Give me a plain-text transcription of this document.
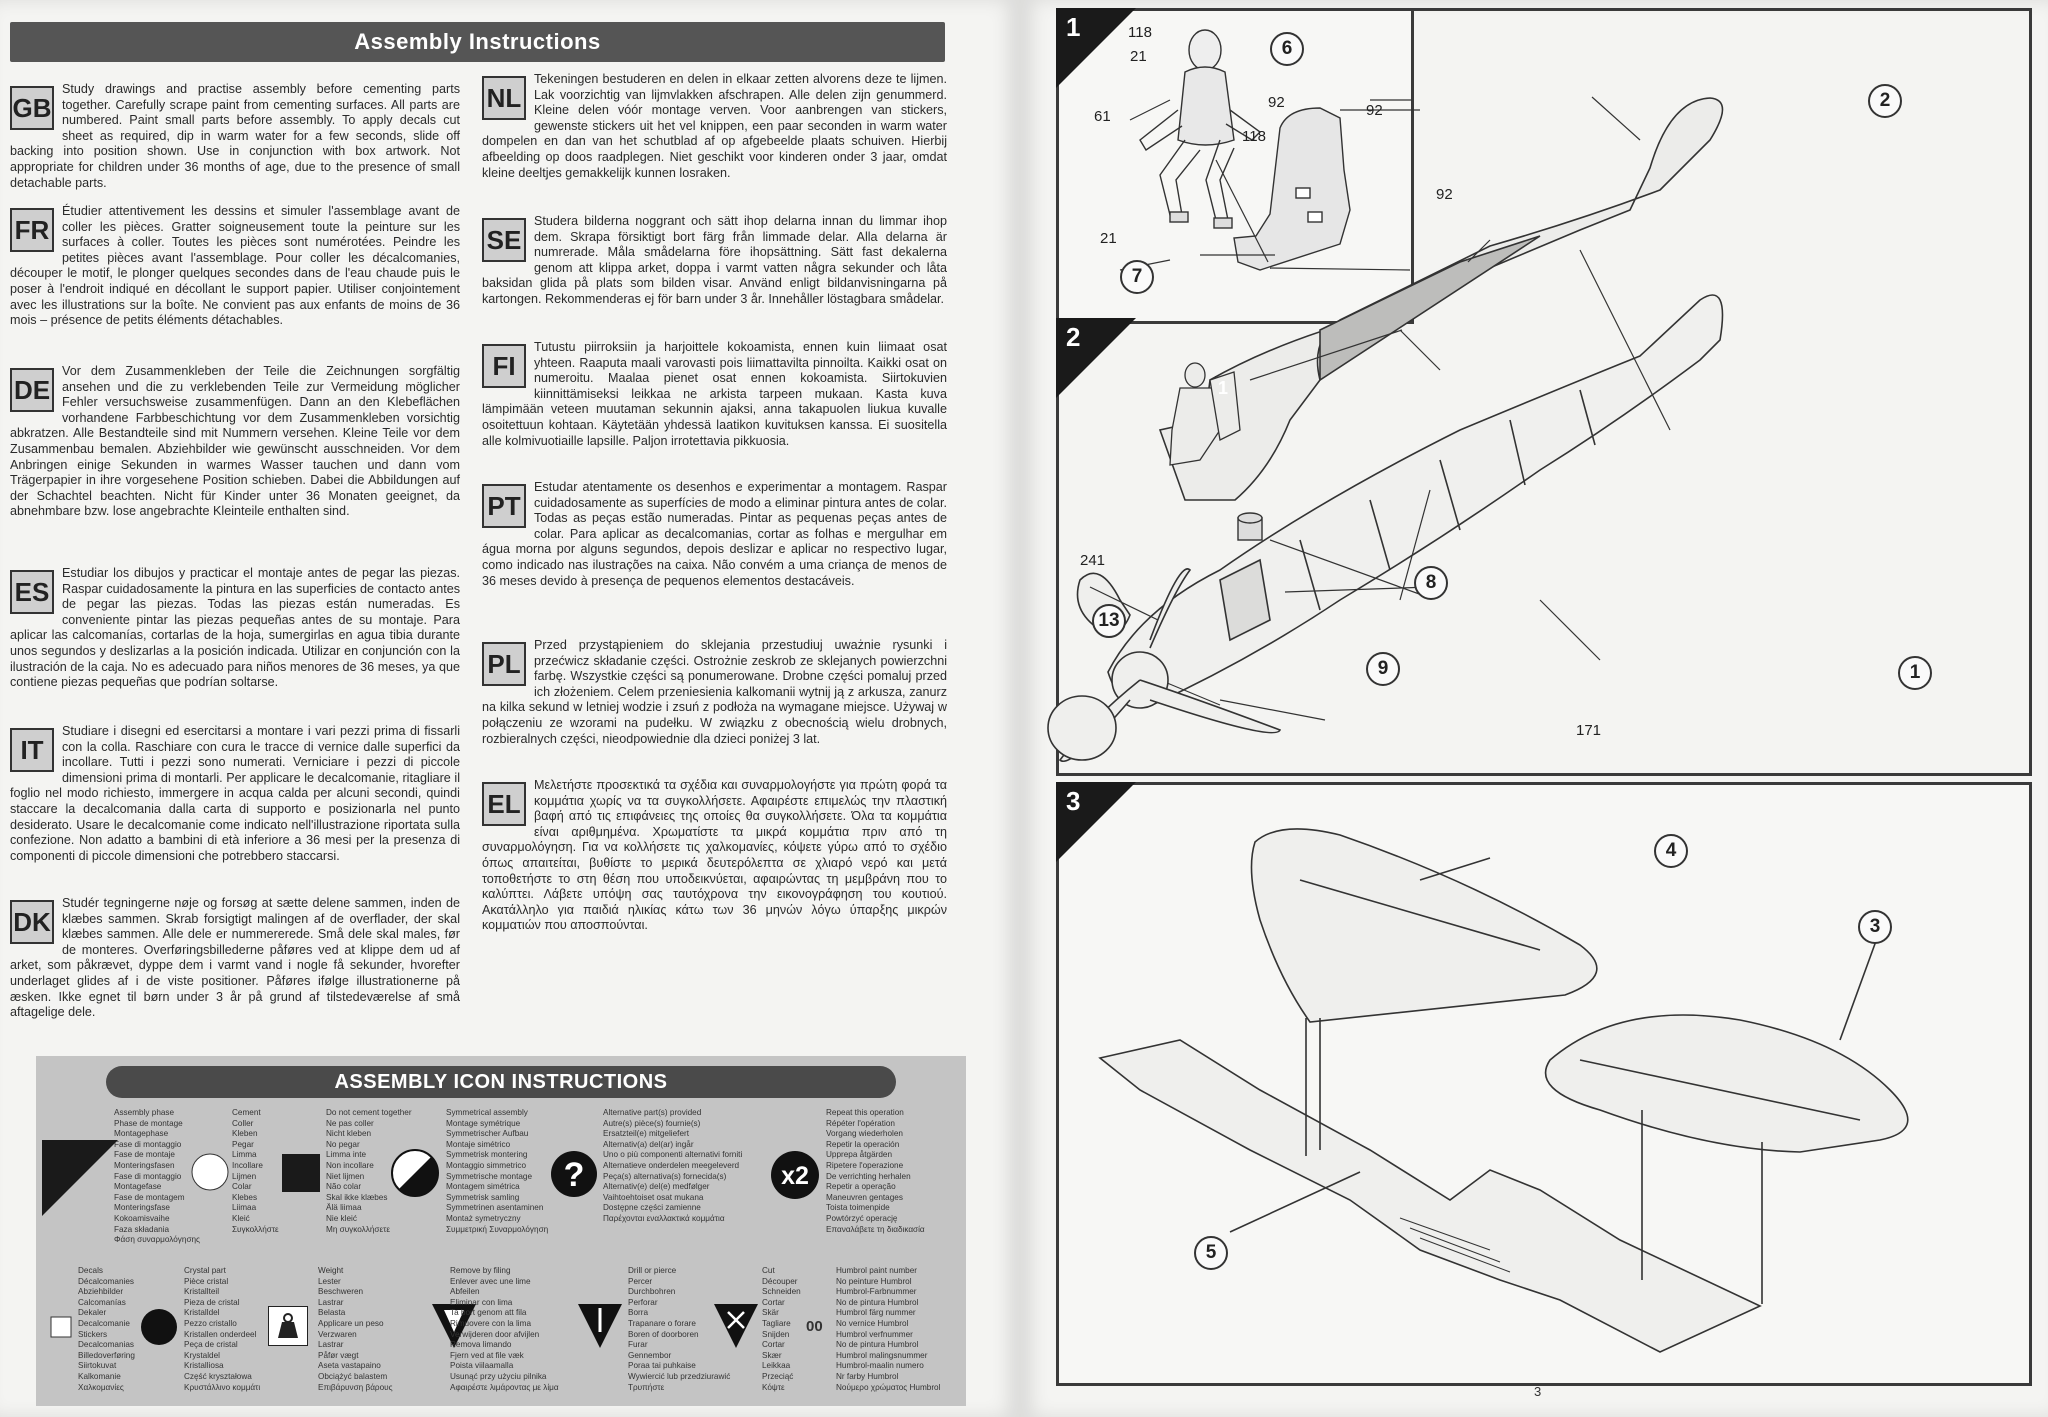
Assembly Instructions
GB
Study drawings and practise assembly before cementing parts together. Carefully scrape paint from cementing surfaces. All parts are numbered. Paint small parts before assembly. To apply decals cut sheet as required, dip in warm water for a few seconds, slide off backing into position shown. Use in conjunction with box artwork. Not appropriate for children under 36 months of age, due to the presence of small detachable parts.
FR
Étudier attentivement les dessins et simuler l'assemblage avant de coller les pièces. Gratter soigneusement toute la peinture sur les surfaces à coller. Toutes les pièces sont numérotées. Peindre les petites pièces avant l'assemblage. Pour coller les décalcomanies, découper le motif, le plonger quelques secondes dans de l'eau chaude puis le poser à l'endroit indiqué en décollant le support papier. Utiliser conjointement avec les illustrations sur la boîte. Ne convient pas aux enfants de moins de 36 mois – présence de petits éléments détachables.
DE
Vor dem Zusammenkleben der Teile die Zeichnungen sorgfältig ansehen und die zu verklebenden Teile zur Vermeidung möglicher Fehler versuchsweise zusammenfügen. Dann an den Klebeflächen vorhandene Farbbeschichtung vor dem Zusammenkleben vorsichtig abkratzen. Alle Bestandteile sind mit Nummern versehen. Kleine Teile vor dem Zusammenbau bemalen. Abziehbilder wie gewünscht ausschneiden. Vor dem Anbringen einige Sekunden in warmes Wasser tauchen und dann vom Trägerpapier in ihre vorgesehene Position schieben. Dabei die Abbildungen auf der Schachtel beachten. Nicht für Kinder unter 36 Monaten geeignet, da abnehmbare bzw. lose angebrachte Kleinteile enthalten sind.
ES
Estudiar los dibujos y practicar el montaje antes de pegar las piezas. Raspar cuidadosamente la pintura en las superficies de contacto antes de pegar las piezas. Todas las piezas están numeradas. Es conveniente pintar las piezas pequeñas antes de su montaje. Para aplicar las calcomanías, cortarlas de la hoja, sumergirlas en agua tibia durante unos segundos y deslizarlas a la posición indicada. Utilizar en conjunción con la ilustración de la caja. No es adecuado para niños menores de 36 meses, ya que contiene piezas pequeñas que podrían soltarse.
IT
Studiare i disegni ed esercitarsi a montare i vari pezzi prima di fissarli con la colla. Raschiare con cura le tracce di vernice dalle superfici da incollare. Tutti i pezzi sono numerati. Verniciare i pezzi di piccole dimensioni prima di montarli. Per applicare le decalcomanie, ritagliare il foglio nel modo richiesto, immergere in acqua calda per alcuni secondi, quindi staccare la decalcomania dalla carta di supporto e posizionarla nel punto desiderato. Usare le decalcomanie come indicato nell'illustrazione riportata sulla confezione. Non adatto a bambini di età inferiore a 36 mesi per la presenza di componenti di piccole dimensioni che potrebbero staccarsi.
DK
Studér tegningerne nøje og forsøg at sætte delene sammen, inden de klæbes sammen. Skrab forsigtigt malingen af de overflader, der skal klæbes sammen. Alle dele er nummererede. Små dele skal males, før de monteres. Overføringsbillederne påføres ved at klippe dem ud af arket, som påkrævet, dyppe dem i varmt vand i nogle få sekunder, hvorefter underlaget glides af i de viste positioner. Påføres ifølge illustrationerne på æsken. Ikke egnet til børn under 3 år på grund af tilstedeværelse af små aftagelige dele.
NL
Tekeningen bestuderen en delen in elkaar zetten alvorens deze te lijmen. Lak voorzichtig van lijmvlakken afschrapen. Alle delen zijn genummerd. Kleine delen vóór montage verven. Voor aanbrengen van stickers, gewenste stickers uit het vel knippen, een paar seconden in warm water dompelen en dan van het schutblad af op afgebeelde plaats schuiven. Hierbij afbeelding op doos raadplegen. Niet geschikt voor kinderen onder 3 jaar, omdat kleine deeltjes gemakkelijk kunnen losraken.
SE
Studera bilderna noggrant och sätt ihop delarna innan du limmar ihop dem. Skrapa försiktigt bort färg från limmade delar. Alla delarna är numrerade. Måla smådelarna före ihopsättning. Sätt fast dekalerna genom att klippa arket, doppa i varmt vatten några sekunder och låta baksidan glida på plats som bilden visar. Använd enligt bildanvisningarna på kartongen. Rekommenderas ej för barn under 3 år. Innehåller löstagbara smådelar.
FI
Tutustu piirroksiin ja harjoittele kokoamista, ennen kuin liimaat osat yhteen. Raaputa maali varovasti pois liimattavilta pinnoilta. Kaikki osat on numeroitu. Maalaa pienet osat ennen kokoamista. Siirtokuvien kiinnittämiseksi leikkaa ne arkista tarpeen mukaan. Kasta kuva lämpimään veteen muutaman sekunnin ajaksi, anna takapuolen liukua kuvalle osoitettuun kohtaan. Käytetään yhdessä laatikon kuvituksen kanssa. Ei suositella alle kolmivuotiaille lapsille. Paljon irrotettavia pikkuosia.
PT
Estudar atentamente os desenhos e experimentar a montagem. Raspar cuidadosamente as superfícies de modo a eliminar pintura antes de colar. Todas as peças estão numeradas. Pintar as pequenas peças antes de colar. Para aplicar as decalcomanias, cortar as folhas e mergulhar em água morna por alguns segundos, depois deslizar e aplicar no respectivo lugar, como indicado nas ilustrações na caixa. Não convém a uma criança de menos de 36 meses devido à presença de pequenos elementos destacáveis.
PL
Przed przystąpieniem do sklejania przestudiuj uważnie rysunki i przećwicz składanie części. Ostrożnie zeskrob ze sklejanych powierzchni farbę. Wszystkie części są ponumerowane. Drobne części pomaluj przed ich złożeniem. Celem przeniesienia kalkomanii wytnij ją z arkusza, zanurz na kilka sekund w letniej wodzie i zsuń z podłoża na wymagane miejsce. Używaj w połączeniu ze wzorami na pudełku. W związku z obecnością wielu drobnych, rozbieralnych części, nieodpowiednie dla dzieci poniżej 3 lat.
EL
Μελετήστε προσεκτικά τα σχέδια και συναρμολογήστε για πρώτη φορά τα κομμάτια χωρίς να τα συγκολλήσετε. Αφαιρέστε επιμελώς την πλαστική βαφή από τις επιφάνειες της οποίες θα συγκολλήσετε. Όλα τα κομμάτια είναι αριθμημένα. Χρωματίστε τα μικρά κομμάτια πριν από τη συναρμολόγηση. Για να κολλήσετε τις χαλκομανίες, κόψετε γύρω από το σχέδιο όπως απαιτείται, βυθίστε το μερικά δευτερόλεπτα σε χλιαρό νερό και μετά τοποθετήστε το στη θέση που υποδεικνύεται, αφαιρώντας τη μεμβράνη που το καλύπτει. Λάβετε υπόψη σας ταυτόχρονα την εικονογράφηση του κουτιού. Ακατάλληλο για παιδιά ηλικίας κάτω των 36 μηνών λόγω ύπαρξης μικρών κομματιών που αποσπούνται.
ASSEMBLY ICON INSTRUCTIONS
Assembly phase
Phase de montage
Montagephase
Fase di montaggio
Fase de montaje
Monteringsfasen
Fase di montaggio
Montagefase
Fase de montagem
Monteringsfase
Kokoamisvaihe
Faza składania
Φάση συναρμολόγησης
Cement
Coller
Kleben
Pegar
Limma
Incollare
Lijmen
Colar
Klebes
Liimaa
Kleić
Συγκολλήστε
Do not cement together
Ne pas coller
Nicht kleben
No pegar
Limma inte
Non incollare
Niet lijmen
Não colar
Skal ikke klæbes
Älä liimaa
Nie kleić
Μη συγκολλήσετε
Symmetrical assembly
Montage symétrique
Symmetrischer Aufbau
Montaje simétrico
Symmetrisk montering
Montaggio simmetrico
Symmetrische montage
Montagem simétrica
Symmetrisk samling
Symmetrinen asentaminen
Montaż symetryczny
Συμμετρική Συναρμολόγηση
Alternative part(s) provided
Autre(s) pièce(s) fournie(s)
Ersatzteil(e) mitgeliefert
Alternativ(a) del(ar) ingår
Uno o più componenti alternativi forniti
Alternatieve onderdelen meegeleverd
Peça(s) alternativa(s) fornecida(s)
Alternativ(e) del(e) medfølger
Vaihtoehtoiset osat mukana
Dostępne części zamienne
Παρέχονται εναλλακτικά κομμάτια
?
Repeat this operation
Répéter l'opération
Vorgang wiederholen
Repetir la operación
Upprepa åtgärden
Ripetere l'operazione
De verrichting herhalen
Repetir a operação
Maneuvren gentages
Toista toimenpide
Powtórzyć operację
Επαναλάβετε τη διαδικασία
x2
Decals
Décalcomanies
Abziehbilder
Calcomanías
Dekaler
Decalcomanie
Stickers
Decalcomanias
Billedoverføring
Siirtokuvat
Kalkomanie
Χαλκομανίες
Crystal part
Pièce cristal
Kristallteil
Pieza de cristal
Kristalldel
Pezzo cristallo
Kristallen onderdeel
Peça de cristal
Krystaldel
Kristalliosa
Część kryształowa
Κρυστάλλινο κομμάτι
Weight
Lester
Beschweren
Lastrar
Belasta
Applicare un peso
Verzwaren
Lastrar
Påfør vægt
Aseta vastapaino
Obciążyć balastem
Επιβάρυνση βάρους
Remove by filing
Enlever avec une lime
Abfeilen
Eliminar con lima
Ta bort genom att fila
Rimuovere con la lima
Verwijderen door afvijlen
Remova limando
Fjern ved at file væk
Poista viilaamalla
Usunąć przy użyciu pilnika
Αφαιρέστε λιμάροντας με λίμα
Drill or pierce
Percer
Durchbohren
Perforar
Borra
Trapanare o forare
Boren of doorboren
Furar
Gennembor
Poraa tai puhkaise
Wywiercić lub przedziurawić
Τρυπήστε
Cut
Découper
Schneiden
Cortar
Skär
Tagliare
Snijden
Cortar
Skær
Leikkaa
Przeciąć
Κόψτε
00
Humbrol paint number
No peinture Humbrol
Humbrol-Farbnummer
No de pintura Humbrol
Humbrol färg nummer
No vernice Humbrol
Humbrol verfnummer
No de pintura Humbrol
Humbrol malingsnummer
Humbrol-maalin numero
Nr farby Humbrol
Νούμερο χρώματος Humbrol
1
2
3
1
6
7
2
13
8
9	1
4
3
5
118
21
61
92
118
92
21
92
241
171
3
